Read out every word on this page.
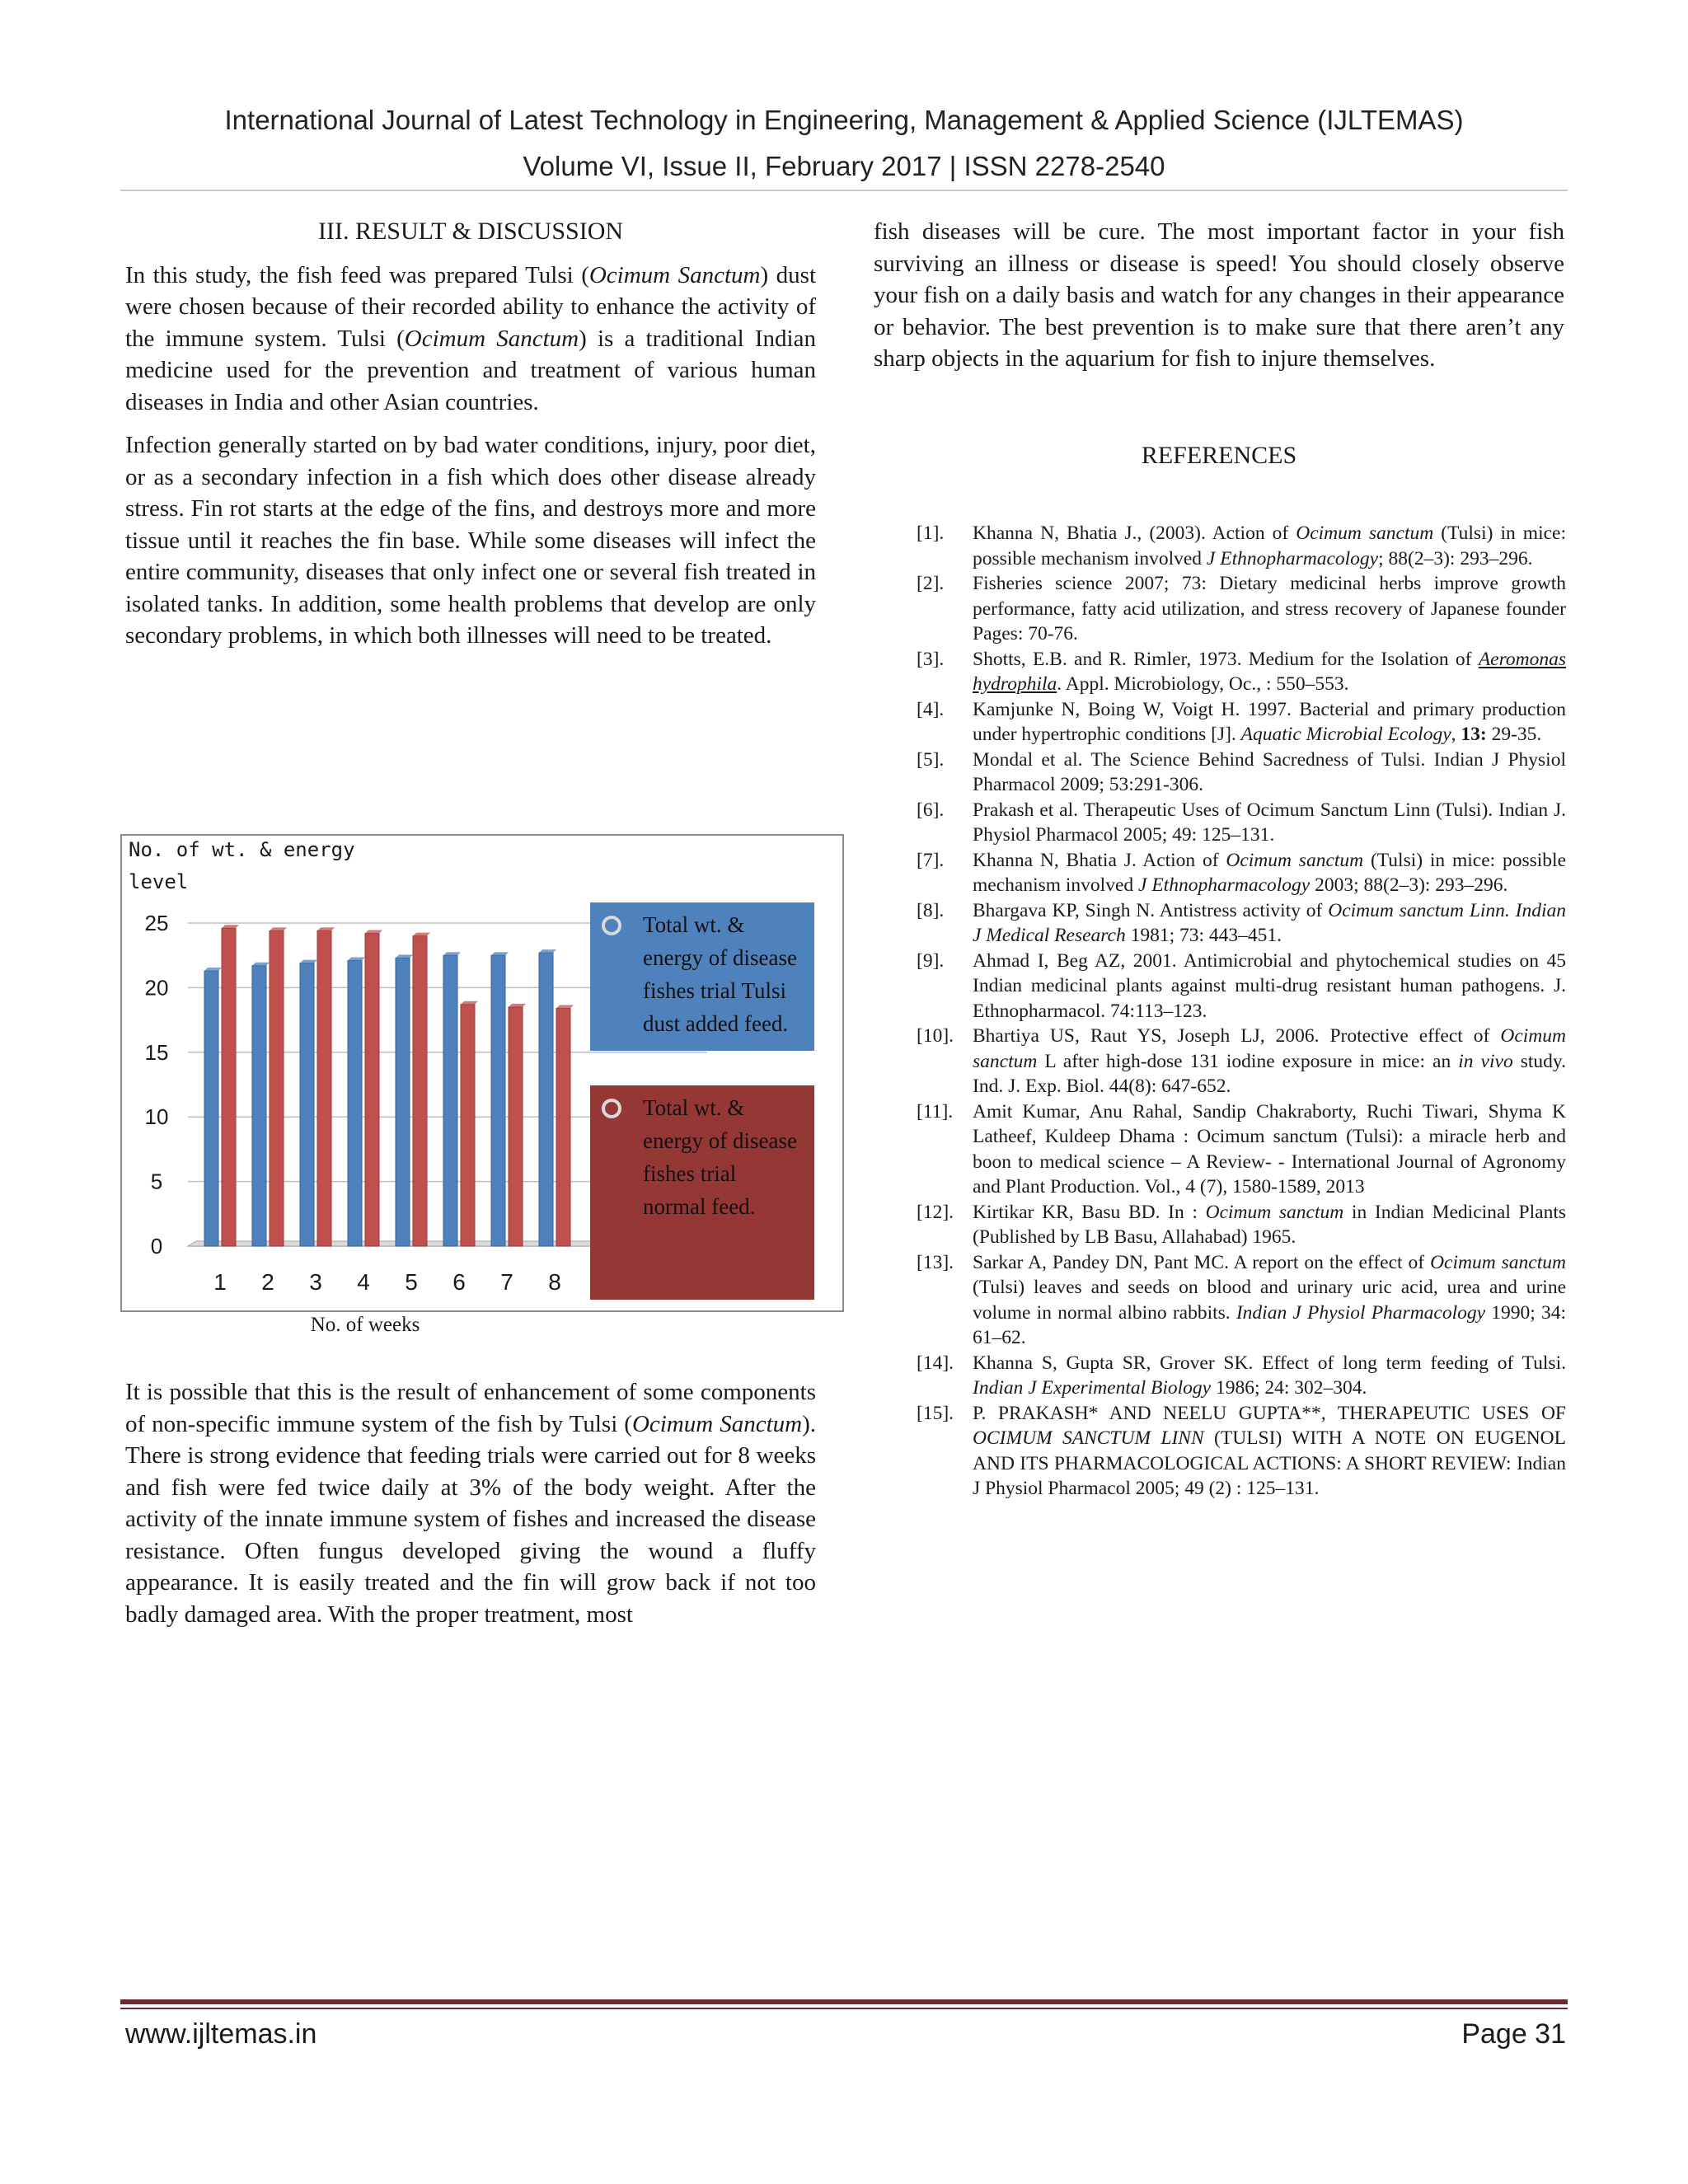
International Journal of Latest Technology in Engineering, Management & Applied Science (IJLTEMAS)
Volume VI, Issue II, February 2017 | ISSN 2278-2540
III. RESULT & DISCUSSION

In this study, the fish feed was prepared Tulsi (Ocimum Sanctum) dust were chosen because of their recorded ability to enhance the activity of the immune system. Tulsi (Ocimum Sanctum) is a traditional Indian medicine used for the prevention and treatment of various human diseases in India and other Asian countries.

Infection generally started on by bad water conditions, injury, poor diet, or as a secondary infection in a fish which does other disease already stress. Fin rot starts at the edge of the fins, and destroys more and more tissue until it reaches the fin base. While some diseases will infect the entire community, diseases that only infect one or several fish treated in isolated tanks. In addition, some health problems that develop are only secondary problems, in which both illnesses will need to be treated.

No. of wt. & energy
level
0
5
10
15
20
25
1 2 3 4 5 6 7 8
Total wt. &
energy of disease
fishes trial Tulsi
dust added feed.
Total wt. &
energy of disease
fishes trial
normal feed.
No. of weeks

It is possible that this is the result of enhancement of some components of non-specific immune system of the fish by Tulsi (Ocimum Sanctum). There is strong evidence that feeding trials were carried out for 8 weeks and fish were fed twice daily at 3% of the body weight. After the activity of the innate immune system of fishes and increased the disease resistance. Often fungus developed giving the wound a fluffy appearance. It is easily treated and the fin will grow back if not too badly damaged area. With the proper treatment, most

fish diseases will be cure. The most important factor in your fish surviving an illness or disease is speed! You should closely observe your fish on a daily basis and watch for any changes in their appearance or behavior. The best prevention is to make sure that there aren’t any sharp objects in the aquarium for fish to injure themselves.

REFERENCES
[1]. Khanna N, Bhatia J., (2003). Action of Ocimum sanctum (Tulsi) in mice: possible mechanism involved J Ethnopharmacology; 88(2–3): 293–296.
[2]. Fisheries science 2007; 73: Dietary medicinal herbs improve growth performance, fatty acid utilization, and stress recovery of Japanese founder Pages: 70-76.
[3]. Shotts, E.B. and R. Rimler, 1973. Medium for the Isolation of Aeromonas hydrophila. Appl. Microbiology, Oc., : 550–553.
[4]. Kamjunke N, Boing W, Voigt H. 1997. Bacterial and primary production under hypertrophic conditions [J]. Aquatic Microbial Ecology, 13: 29-35.
[5]. Mondal et al. The Science Behind Sacredness of Tulsi. Indian J Physiol Pharmacol 2009; 53:291-306.
[6]. Prakash et al. Therapeutic Uses of Ocimum Sanctum Linn (Tulsi). Indian J. Physiol Pharmacol 2005; 49: 125–131.
[7]. Khanna N, Bhatia J. Action of Ocimum sanctum (Tulsi) in mice: possible mechanism involved J Ethnopharmacology 2003; 88(2–3): 293–296.
[8]. Bhargava KP, Singh N. Antistress activity of Ocimum sanctum Linn. Indian J Medical Research 1981; 73: 443–451.
[9]. Ahmad I, Beg AZ, 2001. Antimicrobial and phytochemical studies on 45 Indian medicinal plants against multi-drug resistant human pathogens. J. Ethnopharmacol. 74:113–123.
[10]. Bhartiya US, Raut YS, Joseph LJ, 2006. Protective effect of Ocimum sanctum L after high-dose 131 iodine exposure in mice: an in vivo study. Ind. J. Exp. Biol. 44(8): 647-652.
[11]. Amit Kumar, Anu Rahal, Sandip Chakraborty, Ruchi Tiwari, Shyma K Latheef, Kuldeep Dhama : Ocimum sanctum (Tulsi): a miracle herb and boon to medical science – A Review- - International Journal of Agronomy and Plant Production. Vol., 4 (7), 1580-1589, 2013
[12]. Kirtikar KR, Basu BD. In : Ocimum sanctum in Indian Medicinal Plants (Published by LB Basu, Allahabad) 1965.
[13]. Sarkar A, Pandey DN, Pant MC. A report on the effect of Ocimum sanctum (Tulsi) leaves and seeds on blood and urinary uric acid, urea and urine volume in normal albino rabbits. Indian J Physiol Pharmacology 1990; 34: 61–62.
[14]. Khanna S, Gupta SR, Grover SK. Effect of long term feeding of Tulsi. Indian J Experimental Biology 1986; 24: 302–304.
[15]. P. PRAKASH* AND NEELU GUPTA**, THERAPEUTIC USES OF OCIMUM SANCTUM LINN (TULSI) WITH A NOTE ON EUGENOL AND ITS PHARMACOLOGICAL ACTIONS: A SHORT REVIEW: Indian J Physiol Pharmacol 2005; 49 (2) : 125–131.
www.ijltemas.in	Page 31
